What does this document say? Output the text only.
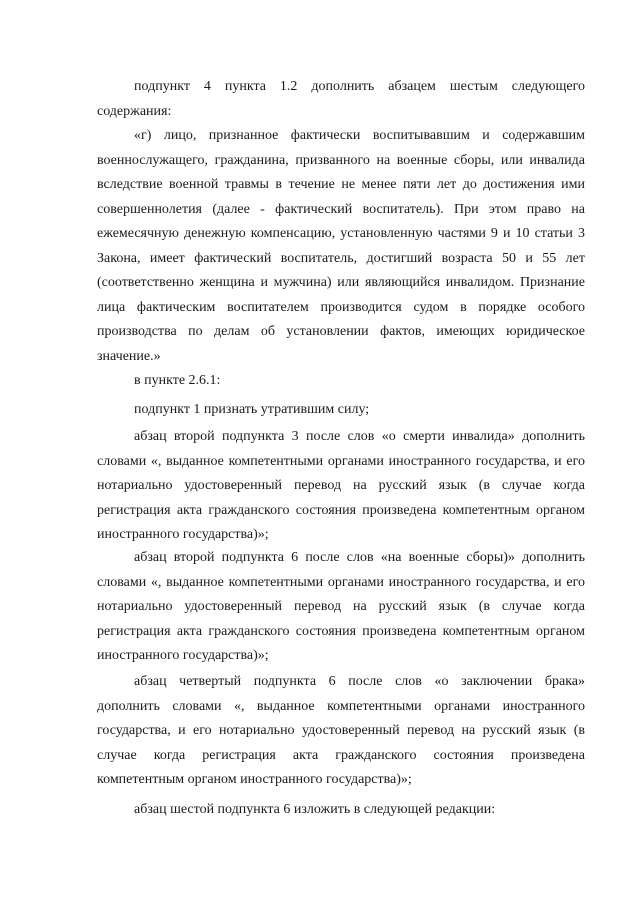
подпункт 4 пункта 1.2 дополнить абзацем шестым следующего
содержания:

«г) лицо, признанное фактически воспитывавшим и содержавшим
военнослужащего, гражданина, призванного на военные сборы, или инвалида вследствие военной травмы в течение не менее пяти лет до достижения ими совершеннолетия (далее - фактический воспитатель). При этом право на ежемесячную денежную компенсацию, установленную частями 9 и 10 статьи 3 Закона, имеет фактический воспитатель, достигший возраста 50 и 55 лет (соответственно женщина и мужчина) или являющийся инвалидом. Признание лица фактическим воспитателем производится судом в порядке особого производства по делам об установлении фактов, имеющих юридическое значение.»

в пункте 2.6.1:

подпункт 1 признать утратившим силу;

абзац второй подпункта 3 после слов «о смерти инвалида» дополнить
словами «, выданное компетентными органами иностранного государства, и его нотариально удостоверенный перевод на русский язык (в случае когда регистрация акта гражданского состояния произведена компетентным органом иностранного государства)»;

абзац второй подпункта 6 после слов «на военные сборы)» дополнить
словами «, выданное компетентными органами иностранного государства, и его нотариально удостоверенный перевод на русский язык (в случае когда регистрация акта гражданского состояния произведена компетентным органом иностранного государства)»;

абзац четвертый подпункта 6 после слов «о заключении брака»
дополнить словами «, выданное компетентными органами иностранного государства, и его нотариально удостоверенный перевод на русский язык (в случае когда регистрация акта гражданского состояния произведена компетентным органом иностранного государства)»;

абзац шестой подпункта 6 изложить в следующей редакции:
